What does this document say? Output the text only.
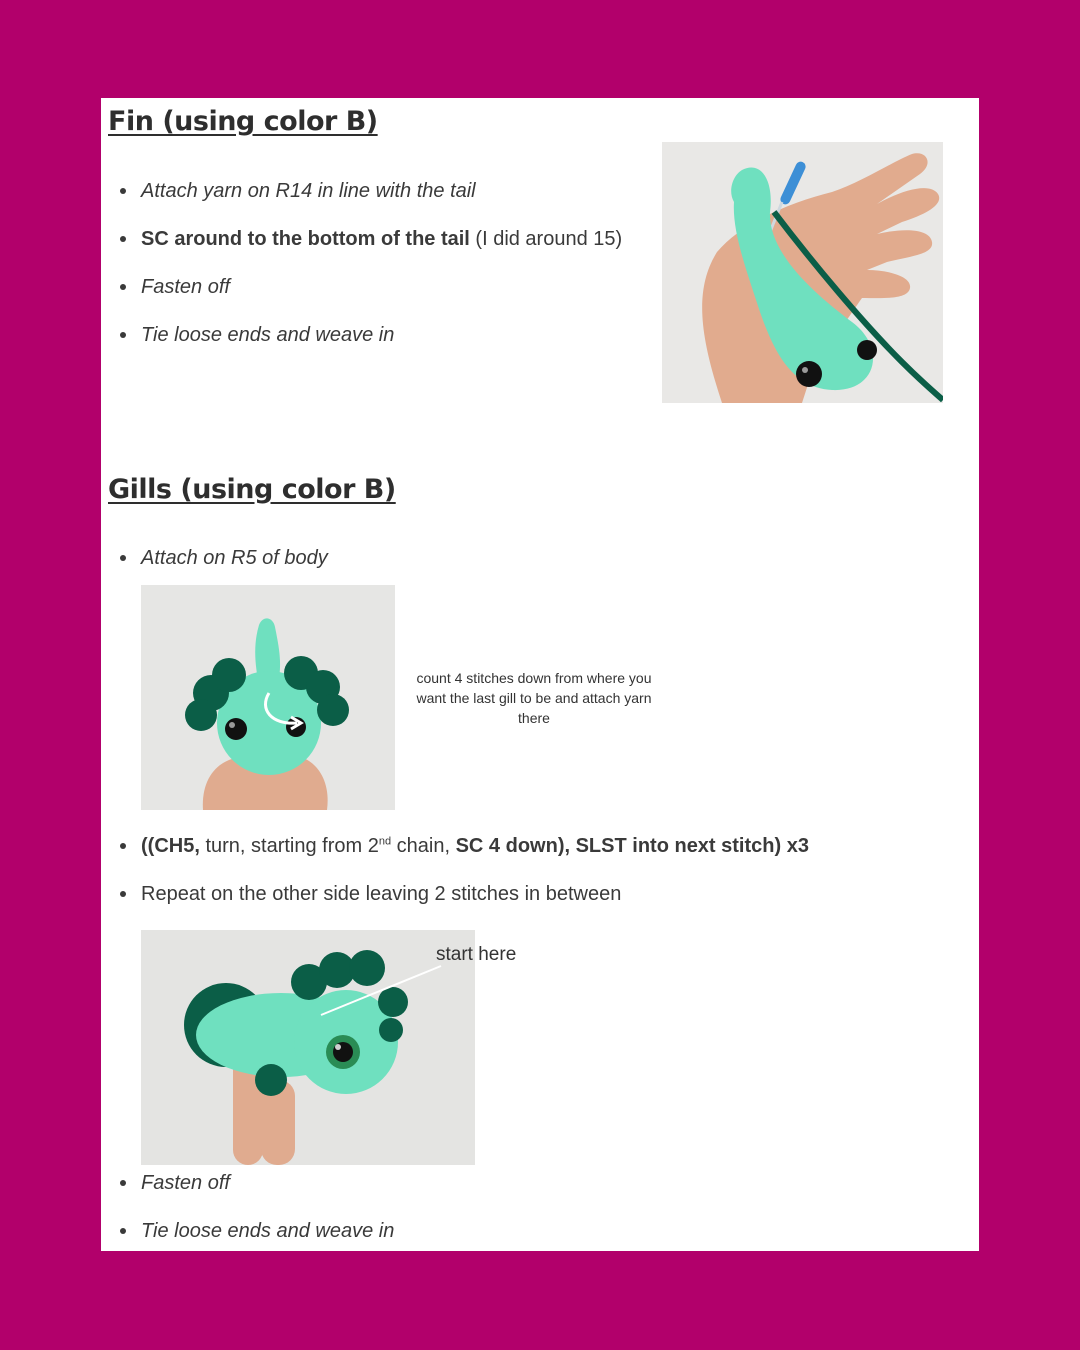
Fin (using color B)
Attach yarn on R14 in line with the tail
SC around to the bottom of the tail (I did around 15)
Fasten off
Tie loose ends and weave in
Gills (using color B)
Attach on R5 of body
count 4 stitches down from where you want the last gill to be and attach yarn there
((CH5, turn, starting from 2nd chain, SC 4 down), SLST into next stitch) x3
Repeat on the other side leaving 2 stitches in between
start here
Fasten off
Tie loose ends and weave in
